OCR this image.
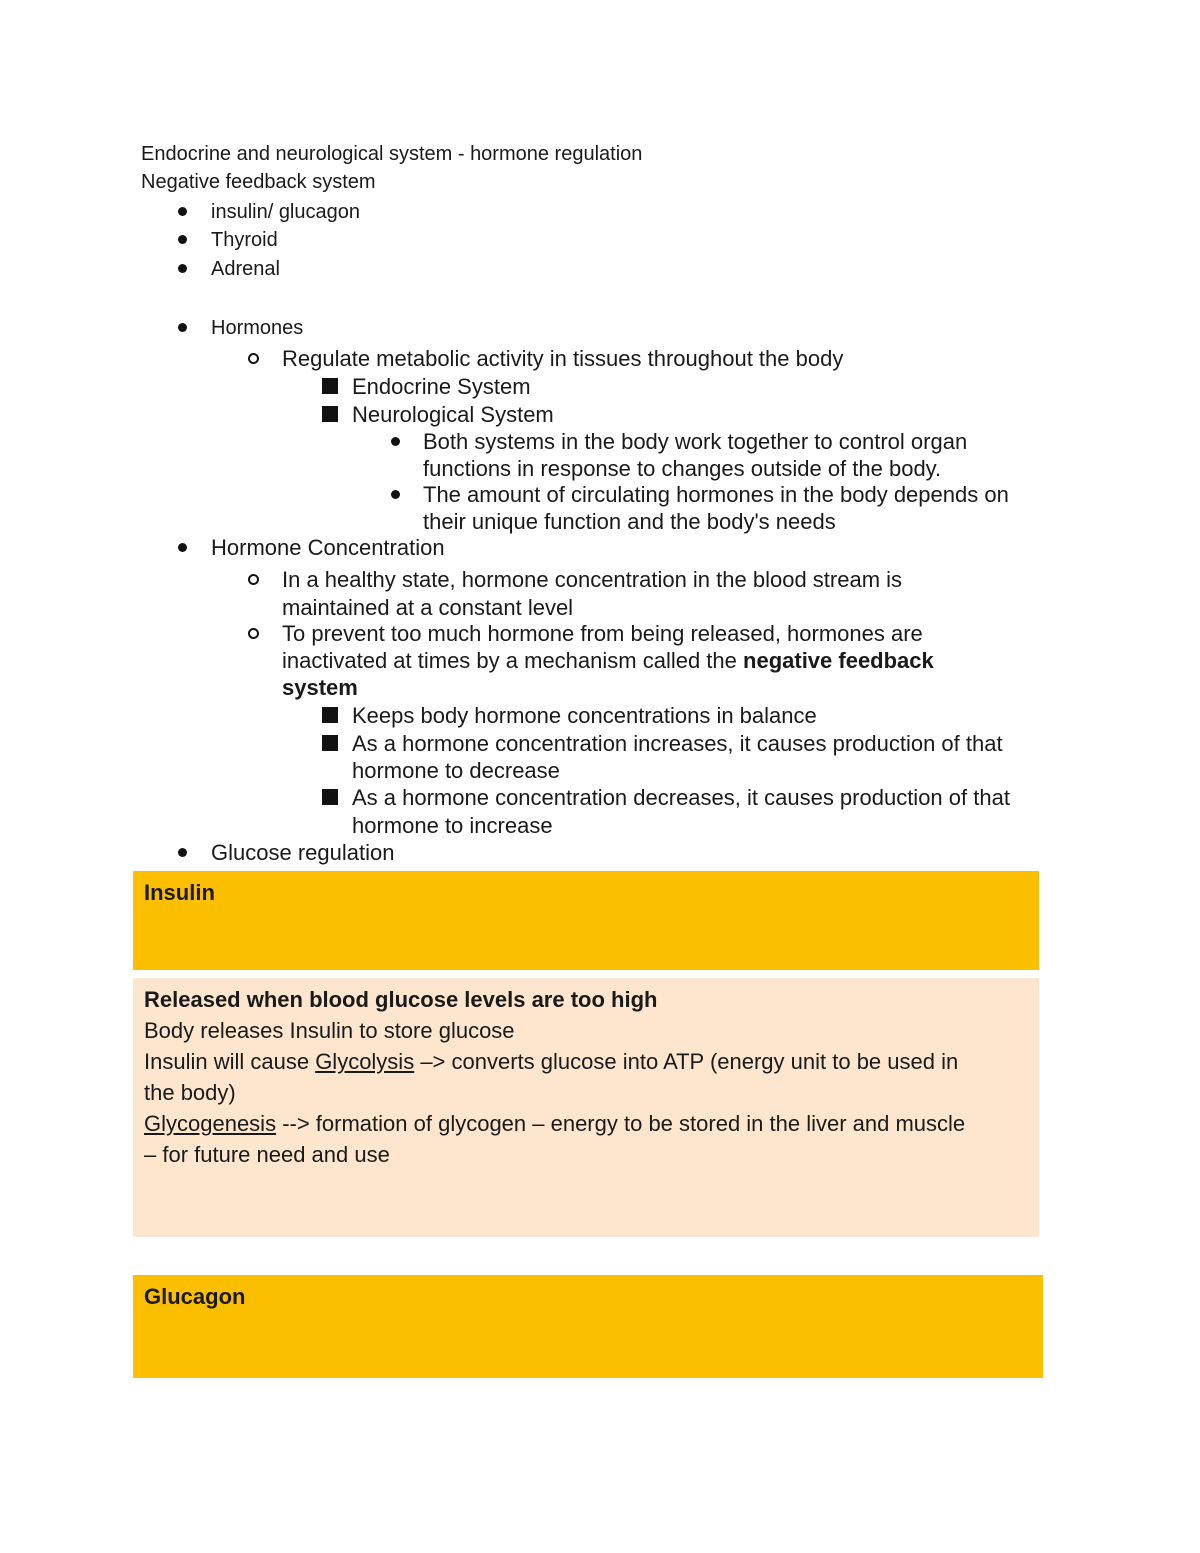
Endocrine and neurological system - hormone regulation
Negative feedback system
insulin/ glucagon
Thyroid
Adrenal
Hormones
Regulate metabolic activity in tissues throughout the body
Endocrine System
Neurological System
Both systems in the body work together to control organ
functions in response to changes outside of the body.
The amount of circulating hormones in the body depends on
their unique function and the body's needs
Hormone Concentration
In a healthy state, hormone concentration in the blood stream is
maintained at a constant level
To prevent too much hormone from being released, hormones are
inactivated at times by a mechanism called the negative feedback
system
Keeps body hormone concentrations in balance
As a hormone concentration increases, it causes production of that
hormone to decrease
As a hormone concentration decreases, it causes production of that
hormone to increase
Glucose regulation
Insulin
Released when blood glucose levels are too high
Body releases Insulin to store glucose
Insulin will cause Glycolysis –> converts glucose into ATP (energy unit to be used in
the body)
Glycogenesis --> formation of glycogen – energy to be stored in the liver and muscle
– for future need and use
Glucagon
